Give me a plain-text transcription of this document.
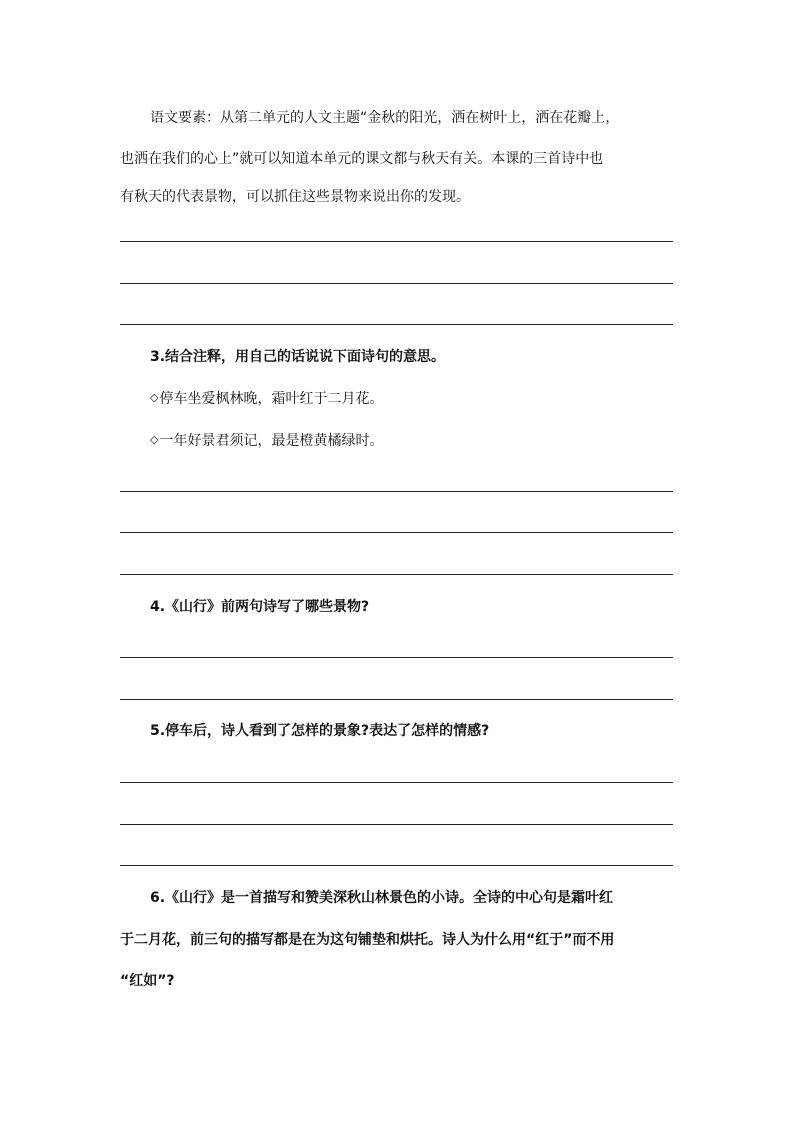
语文要素：从第二单元的人文主题“金秋的阳光，洒在树叶上，洒在花瓣上，
也洒在我们的心上”就可以知道本单元的课文都与秋天有关。本课的三首诗中也
有秋天的代表景物，可以抓住这些景物来说出你的发现。
3.结合注释，用自己的话说说下面诗句的意思。
◇停车坐爱枫林晚，霜叶红于二月花。
◇一年好景君须记，最是橙黄橘绿时。
4.《山行》前两句诗写了哪些景物?
5.停车后，诗人看到了怎样的景象?表达了怎样的情感?
6.《山行》是一首描写和赞美深秋山林景色的小诗。全诗的中心句是霜叶红
于二月花，前三句的描写都是在为这句铺垫和烘托。诗人为什么用“红于”而不用
“红如”?
